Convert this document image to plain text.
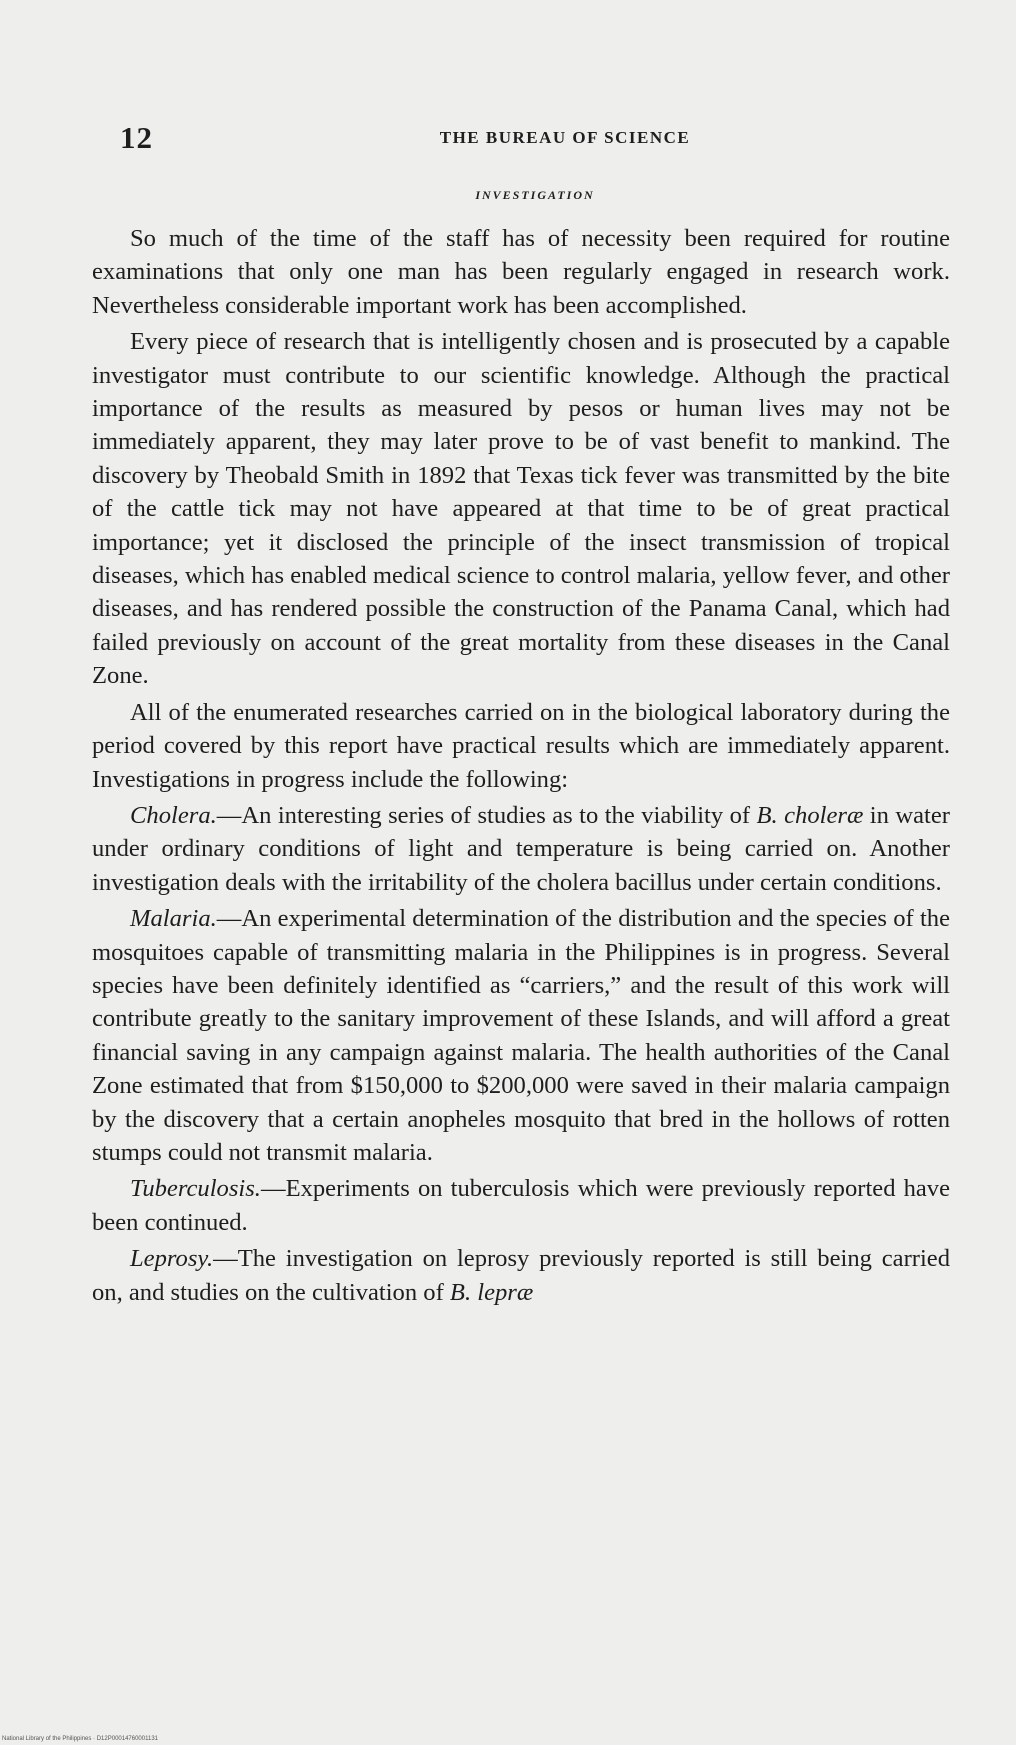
12	THE BUREAU OF SCIENCE
INVESTIGATION

So much of the time of the staff has of necessity been required for routine examinations that only one man has been regularly engaged in research work. Nevertheless considerable important work has been accomplished.

Every piece of research that is intelligently chosen and is prosecuted by a capable investigator must contribute to our scientific knowledge. Although the practical importance of the results as measured by pesos or human lives may not be immediately apparent, they may later prove to be of vast benefit to mankind. The discovery by Theobald Smith in 1892 that Texas tick fever was transmitted by the bite of the cattle tick may not have appeared at that time to be of great practical importance; yet it disclosed the principle of the insect transmission of tropical diseases, which has enabled medical science to control malaria, yellow fever, and other diseases, and has rendered possible the construction of the Panama Canal, which had failed previously on account of the great mortality from these diseases in the Canal Zone.

All of the enumerated researches carried on in the biological laboratory during the period covered by this report have practical results which are immediately apparent. Investigations in progress include the following:

Cholera.—An interesting series of studies as to the viability of B. choleræ in water under ordinary conditions of light and temperature is being carried on. Another investigation deals with the irritability of the cholera bacillus under certain conditions.

Malaria.—An experimental determination of the distribution and the species of the mosquitoes capable of transmitting malaria in the Philippines is in progress. Several species have been definitely identified as “carriers,” and the result of this work will contribute greatly to the sanitary improvement of these Islands, and will afford a great financial saving in any campaign against malaria. The health authorities of the Canal Zone estimated that from $150,000 to $200,000 were saved in their malaria campaign by the discovery that a certain anopheles mosquito that bred in the hollows of rotten stumps could not transmit malaria.

Tuberculosis.—Experiments on tuberculosis which were previously reported have been continued.

Leprosy.—The investigation on leprosy previously reported is still being carried on, and studies on the cultivation of B. lepræ

National Library of the Philippines · D12P00014760001131
